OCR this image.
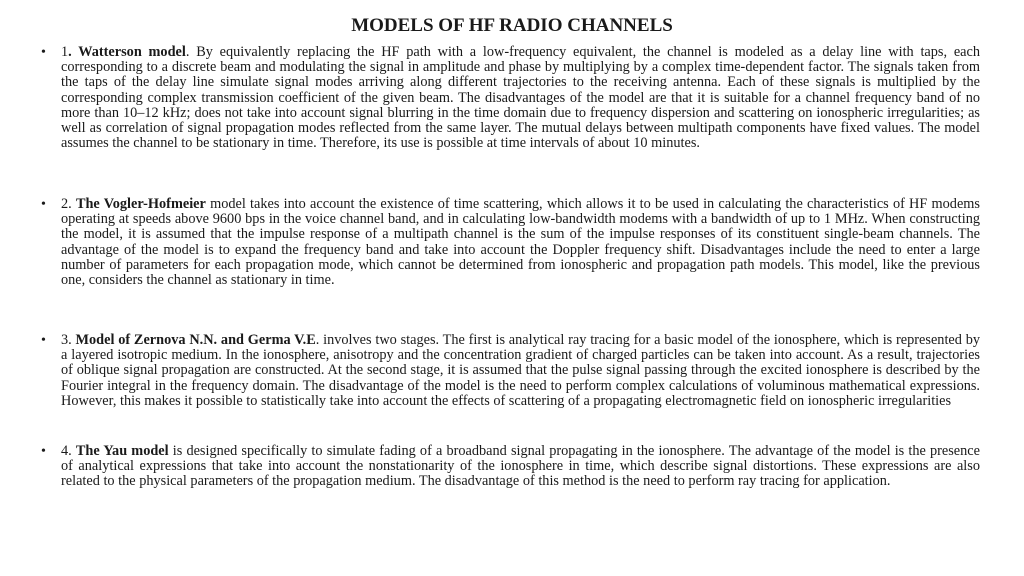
MODELS OF HF RADIO CHANNELS
• 1. Watterson model. By equivalently replacing the HF path with a low-frequency equivalent, the channel is modeled as a delay line with taps, each corresponding to a discrete beam and modulating the signal in amplitude and phase by multiplying by a complex time-dependent factor. The signals taken from the taps of the delay line simulate signal modes arriving along different trajectories to the receiving antenna. Each of these signals is multiplied by the corresponding complex transmission coefficient of the given beam. The disadvantages of the model are that it is suitable for a channel frequency band of no more than 10–12 kHz; does not take into account signal blurring in the time domain due to frequency dispersion and scattering on ionospheric irregularities; as well as correlation of signal propagation modes reflected from the same layer. The mutual delays between multipath components have fixed values. The model assumes the channel to be stationary in time. Therefore, its use is possible at time intervals of about 10 minutes.
• 2. The Vogler-Hofmeier model takes into account the existence of time scattering, which allows it to be used in calculating the characteristics of HF modems operating at speeds above 9600 bps in the voice channel band, and in calculating low-bandwidth modems with a bandwidth of up to 1 MHz. When constructing the model, it is assumed that the impulse response of a multipath channel is the sum of the impulse responses of its constituent single-beam channels. The advantage of the model is to expand the frequency band and take into account the Doppler frequency shift. Disadvantages include the need to enter a large number of parameters for each propagation mode, which cannot be determined from ionospheric and propagation path models. This model, like the previous one, considers the channel as stationary in time.
• 3. Model of Zernova N.N. and Germa V.E. involves two stages. The first is analytical ray tracing for a basic model of the ionosphere, which is represented by a layered isotropic medium. In the ionosphere, anisotropy and the concentration gradient of charged particles can be taken into account. As a result, trajectories of oblique signal propagation are constructed. At the second stage, it is assumed that the pulse signal passing through the excited ionosphere is described by the Fourier integral in the frequency domain. The disadvantage of the model is the need to perform complex calculations of voluminous mathematical expressions. However, this makes it possible to statistically take into account the effects of scattering of a propagating electromagnetic field on ionospheric irregularities
• 4. The Yau model is designed specifically to simulate fading of a broadband signal propagating in the ionosphere. The advantage of the model is the presence of analytical expressions that take into account the nonstationarity of the ionosphere in time, which describe signal distortions. These expressions are also related to the physical parameters of the propagation medium. The disadvantage of this method is the need to perform ray tracing for application.
